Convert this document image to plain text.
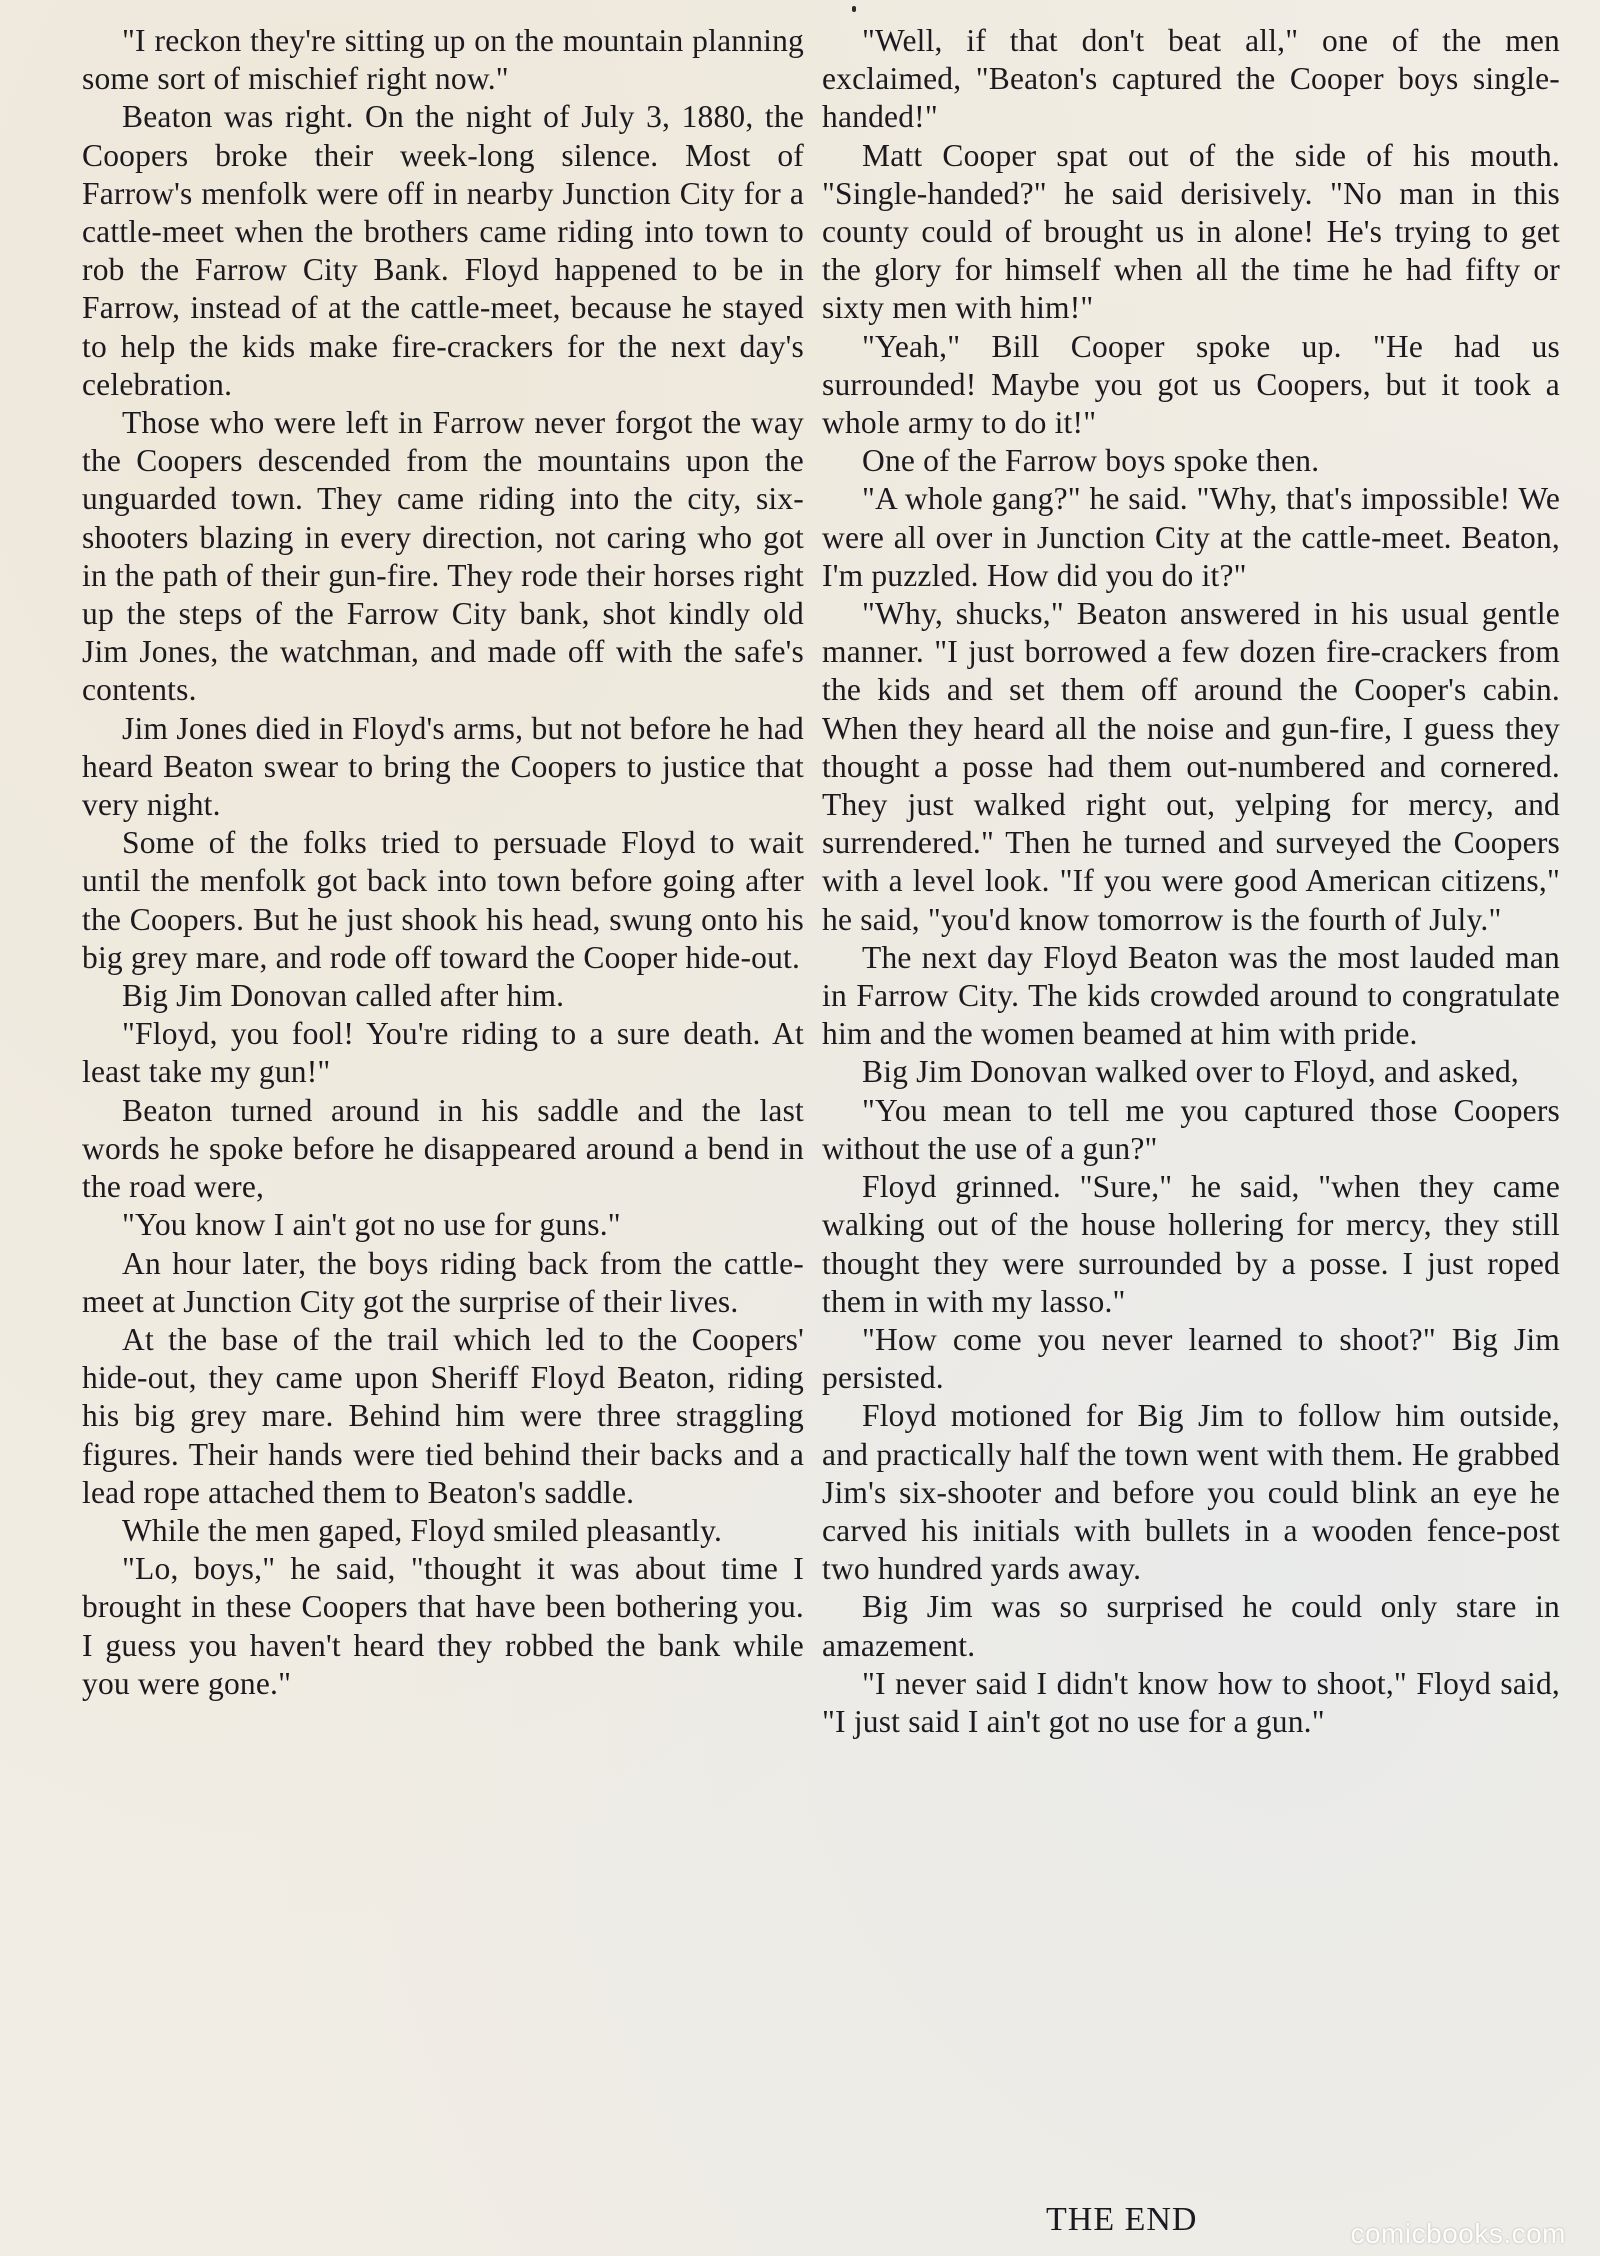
"I reckon they're sitting up on the mountain planning some sort of mischief right now."

Beaton was right. On the night of July 3, 1880, the Coopers broke their week-long silence. Most of Farrow's menfolk were off in nearby Junction City for a cattle-meet when the brothers came riding into town to rob the Farrow City Bank. Floyd happened to be in Farrow, instead of at the cattle-meet, because he stayed to help the kids make fire-crackers for the next day's celebration.

Those who were left in Farrow never forgot the way the Coopers descended from the mountains upon the unguarded town. They came riding into the city, six-shooters blazing in every direction, not caring who got in the path of their gun-fire. They rode their horses right up the steps of the Farrow City bank, shot kindly old Jim Jones, the watchman, and made off with the safe's contents.

Jim Jones died in Floyd's arms, but not before he had heard Beaton swear to bring the Coopers to justice that very night.

Some of the folks tried to persuade Floyd to wait until the menfolk got back into town before going after the Coopers. But he just shook his head, swung onto his big grey mare, and rode off toward the Cooper hide-out.

Big Jim Donovan called after him.

"Floyd, you fool! You're riding to a sure death. At least take my gun!"

Beaton turned around in his saddle and the last words he spoke before he disappeared around a bend in the road were,

"You know I ain't got no use for guns."

An hour later, the boys riding back from the cattle-meet at Junction City got the surprise of their lives.

At the base of the trail which led to the Coopers' hide-out, they came upon Sheriff Floyd Beaton, riding his big grey mare. Behind him were three straggling figures. Their hands were tied behind their backs and a lead rope attached them to Beaton's saddle.

While the men gaped, Floyd smiled pleasantly.

"Lo, boys," he said, "thought it was about time I brought in these Coopers that have been bothering you. I guess you haven't heard they robbed the bank while you were gone."

"Well, if that don't beat all," one of the men exclaimed, "Beaton's captured the Cooper boys single-handed!"

Matt Cooper spat out of the side of his mouth. "Single-handed?" he said derisively. "No man in this county could of brought us in alone! He's trying to get the glory for himself when all the time he had fifty or sixty men with him!"

"Yeah," Bill Cooper spoke up. "He had us surrounded! Maybe you got us Coopers, but it took a whole army to do it!"

One of the Farrow boys spoke then.

"A whole gang?" he said. "Why, that's impossible! We were all over in Junction City at the cattle-meet. Beaton, I'm puzzled. How did you do it?"

"Why, shucks," Beaton answered in his usual gentle manner. "I just borrowed a few dozen fire-crackers from the kids and set them off around the Cooper's cabin. When they heard all the noise and gun-fire, I guess they thought a posse had them out-numbered and cornered. They just walked right out, yelping for mercy, and surrendered." Then he turned and surveyed the Coopers with a level look. "If you were good American citizens," he said, "you'd know tomorrow is the fourth of July."

The next day Floyd Beaton was the most lauded man in Farrow City. The kids crowded around to congratulate him and the women beamed at him with pride.

Big Jim Donovan walked over to Floyd, and asked,

"You mean to tell me you captured those Coopers without the use of a gun?"

Floyd grinned. "Sure," he said, "when they came walking out of the house hollering for mercy, they still thought they were surrounded by a posse. I just roped them in with my lasso."

"How come you never learned to shoot?" Big Jim persisted.

Floyd motioned for Big Jim to follow him outside, and practically half the town went with them. He grabbed Jim's six-shooter and before you could blink an eye he carved his initials with bullets in a wooden fence-post two hundred yards away.

Big Jim was so surprised he could only stare in amazement.

"I never said I didn't know how to shoot," Floyd said, "I just said I ain't got no use for a gun."

THE END	comicbooks.com
